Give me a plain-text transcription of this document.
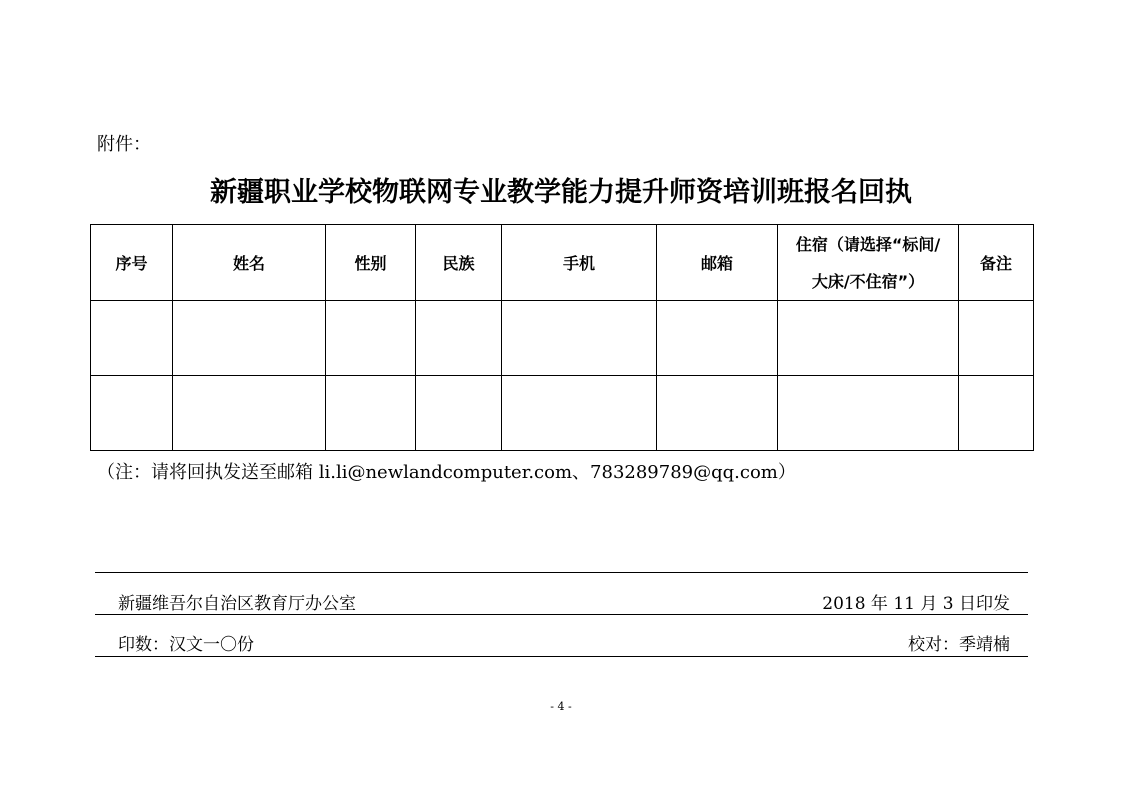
附件：
新疆职业学校物联网专业教学能力提升师资培训班报名回执
序号	姓名	性别	民族	手机	邮箱	住宿（请选择“标间/大床/不住宿”）	备注

（注：请将回执发送至邮箱 li.li@newlandcomputer.com、783289789@qq.com）
新疆维吾尔自治区教育厅办公室	2018 年 11 月 3 日印发
印数：汉文一〇份	校对：季靖楠
- 4 -
